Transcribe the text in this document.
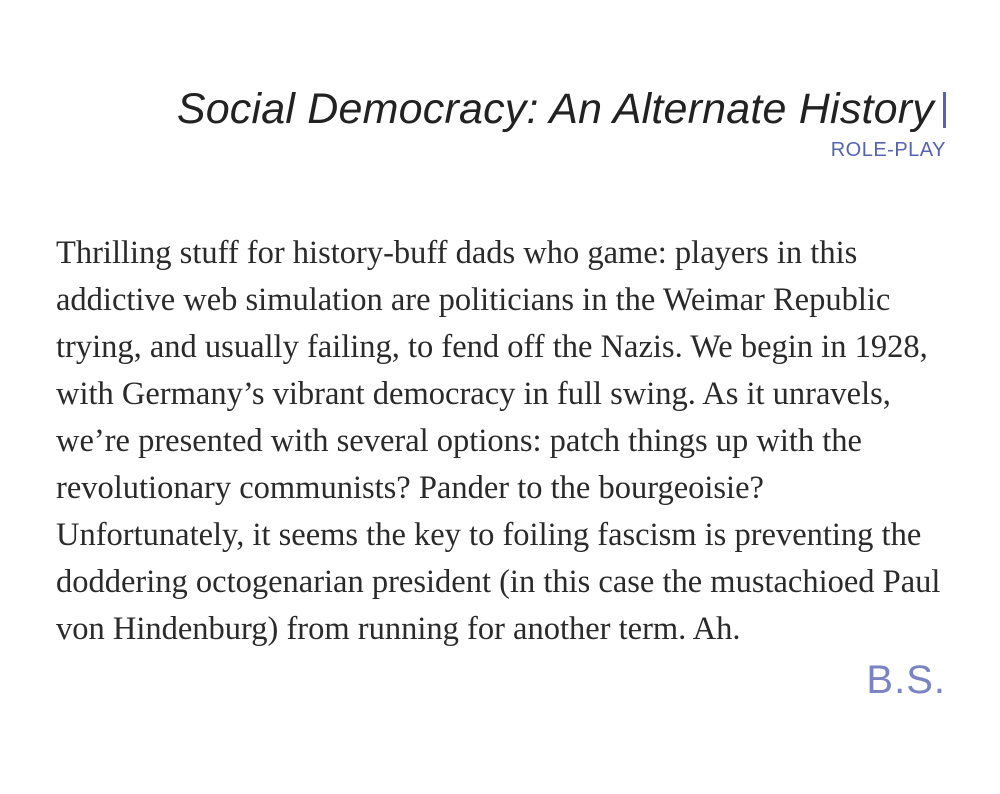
Social Democracy: An Alternate History
ROLE-PLAY

Thrilling stuff for history-buff dads who game: players in this addictive web simulation are politicians in the Weimar Republic trying, and usually failing, to fend off the Nazis. We begin in 1928, with Germany’s vibrant democracy in full swing. As it unravels, we’re presented with several options: patch things up with the revolutionary communists? Pander to the bourgeoisie? Unfortunately, it seems the key to foiling fascism is preventing the doddering octogenarian president (in this case the mustachioed Paul von Hindenburg) from running for another term. Ah.

B.S.
